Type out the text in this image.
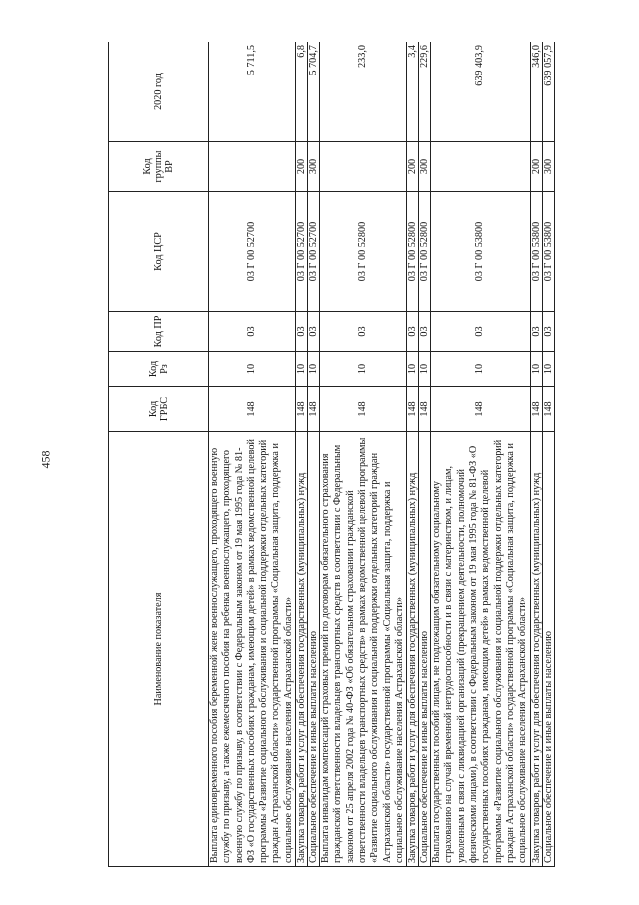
458
Наименование показателя	Код ГРБС	Код Рз	Код ПР	Код ЦСР	Код группы ВР	2020 год
Выплата единовременного пособия беременной жене военнослужащего, проходящего военную службу по призыву, а также ежемесячного пособия на ребенка военнослужащего, проходящего военную службу по призыву, в соответствии с Федеральным законом от 19 мая 1995 года № 81-ФЗ «О государственных пособиях гражданам, имеющим детей» в рамках ведомственной целевой программы «Развитие социального обслуживания и социальной поддержки отдельных категорий граждан Астраханской области» государственной программы «Социальная защита, поддержка и социальное обслуживание населения Астраханской области»	148	10	03	03 Г 00 52700		5 711,5
Закупка товаров, работ и услуг для обеспечения государственных (муниципальных) нужд	148	10	03	03 Г 00 52700	200	6,8
Социальное обеспечение и иные выплаты населению	148	10	03	03 Г 00 52700	300	5 704,7
Выплата инвалидам компенсаций страховых премий по договорам обязательного страхования гражданской ответственности владельцев транспортных средств в соответствии с Федеральным законом от 25 апреля 2002 года № 40-ФЗ «Об обязательном страховании гражданской ответственности владельцев транспортных средств» в рамках ведомственной целевой программы «Развитие социального обслуживания и социальной поддержки отдельных категорий граждан Астраханской области» государственной программы «Социальная защита, поддержка и социальное обслуживание населения Астраханской области»	148	10	03	03 Г 00 52800		233,0
Закупка товаров, работ и услуг для обеспечения государственных (муниципальных) нужд	148	10	03	03 Г 00 52800	200	3,4
Социальное обеспечение и иные выплаты населению	148	10	03	03 Г 00 52800	300	229,6
Выплата государственных пособий лицам, не подлежащим обязательному социальному страхованию на случай временной нетрудоспособности и в связи с материнством, и лицам, уволенным в связи с ликвидацией организаций (прекращением деятельности, полномочий физическими лицами), в соответствии с Федеральным законом от 19 мая 1995 года № 81-ФЗ «О государственных пособиях гражданам, имеющим детей» в рамках ведомственной целевой программы «Развитие социального обслуживания и социальной поддержки отдельных категорий граждан Астраханской области» государственной программы «Социальная защита, поддержка и социальное обслуживание населения Астраханской области»	148	10	03	03 Г 00 53800		639 403,9
Закупка товаров, работ и услуг для обеспечения государственных (муниципальных) нужд	148	10	03	03 Г 00 53800	200	346,0
Социальное обеспечение и иные выплаты населению	148	10	03	03 Г 00 53800	300	639 057,9
